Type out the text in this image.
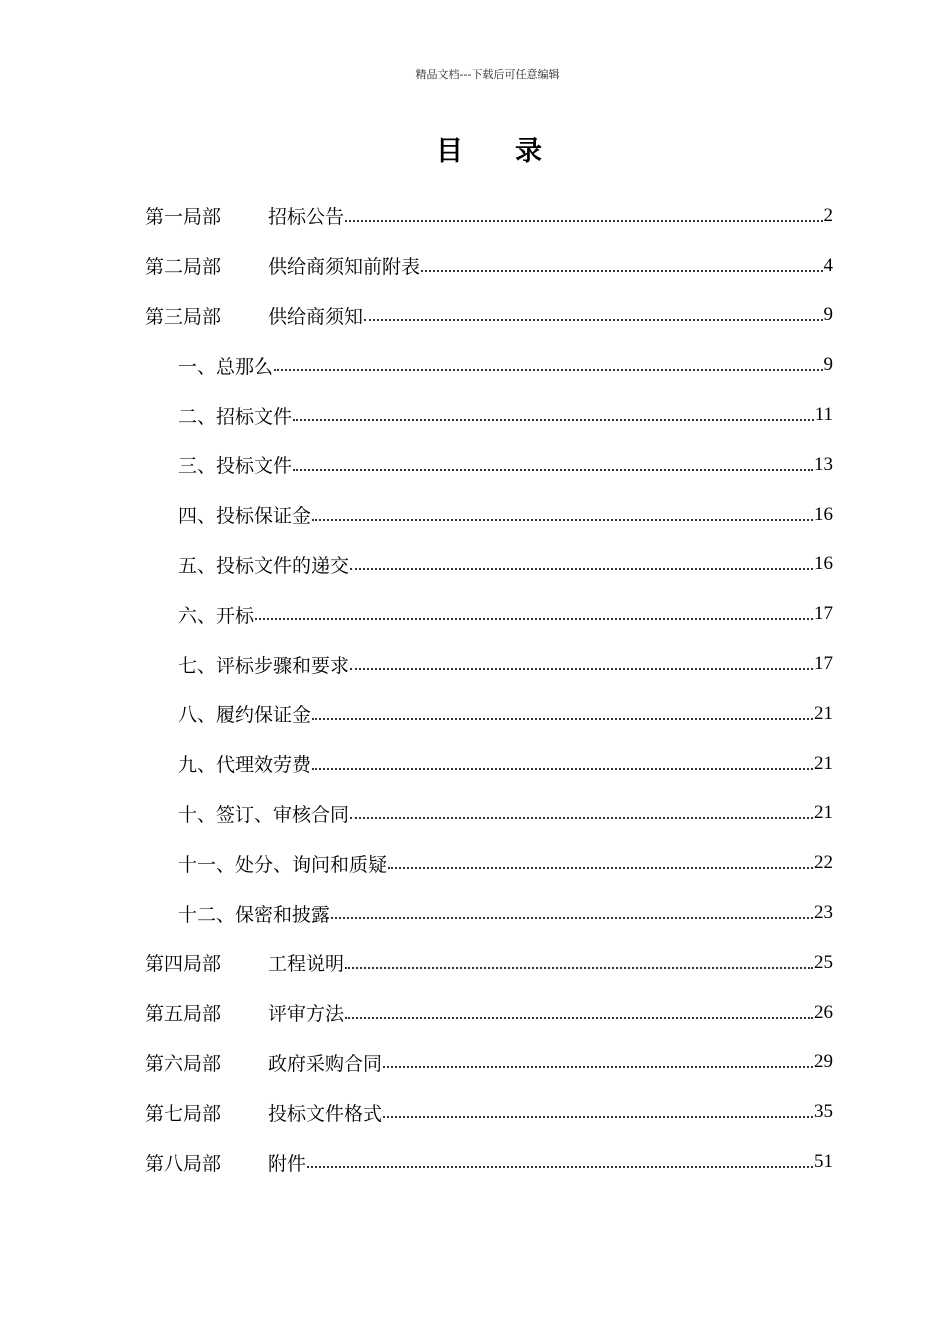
精品文档---下载后可任意编辑
目录
第一局部	招标公告	2
第二局部	供给商须知前附表	4
第三局部	供给商须知	9
一、总那么	9
二、招标文件	11
三、投标文件	13
四、投标保证金	16
五、投标文件的递交	16
六、开标	17
七、评标步骤和要求	17
八、履约保证金	21
九、代理效劳费	21
十、签订、审核合同	21
十一、处分、询问和质疑	22
十二、保密和披露	23
第四局部	工程说明	25
第五局部	评审方法	26
第六局部	政府采购合同	29
第七局部	投标文件格式	35
第八局部	附件	51
